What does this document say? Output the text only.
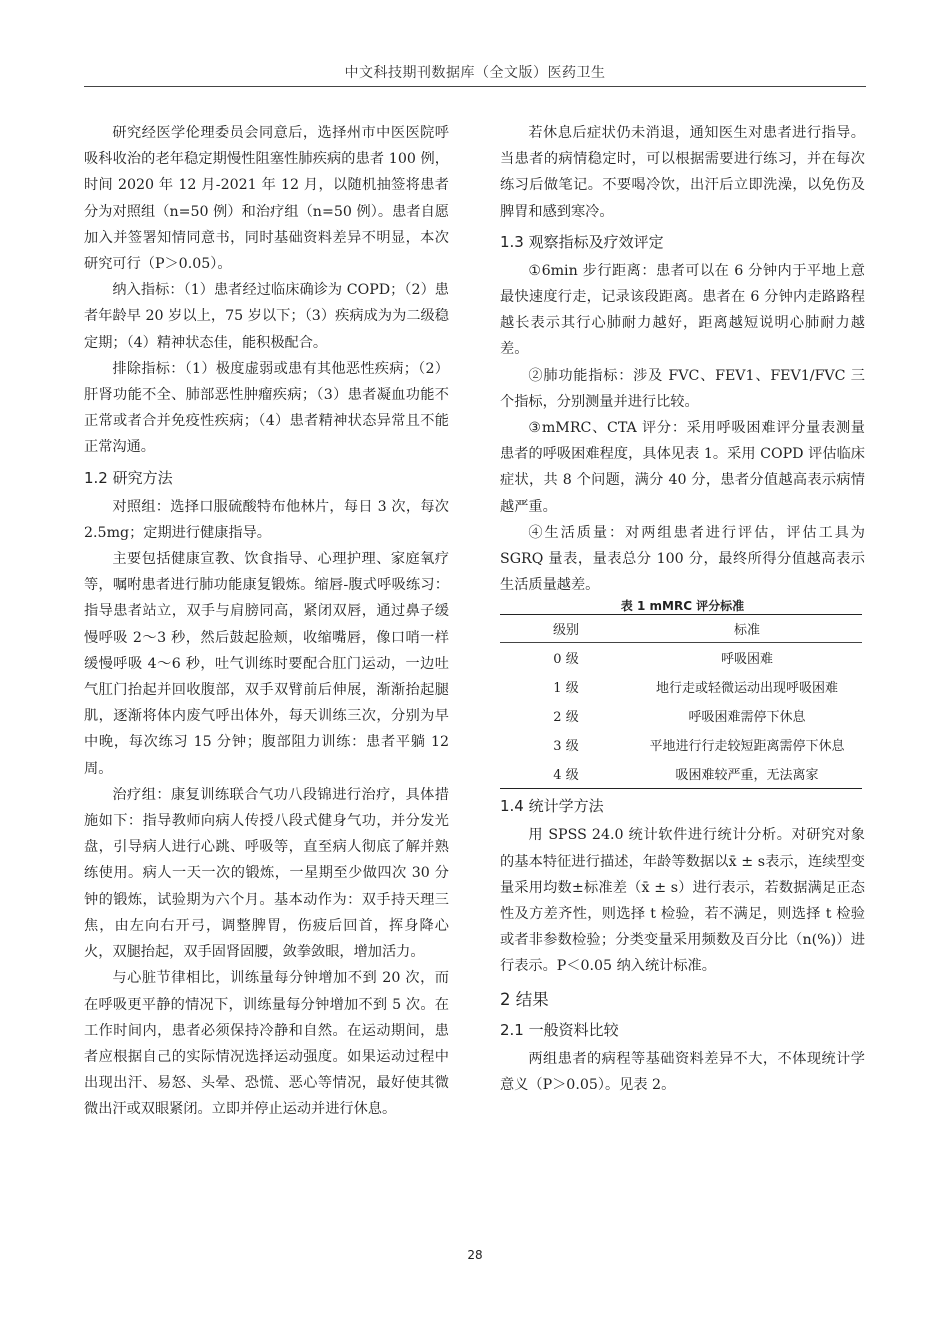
中文科技期刊数据库（全文版）医药卫生

研究经医学伦理委员会同意后，选择州市中医医院呼吸科收治的老年稳定期慢性阻塞性肺疾病的患者 100 例，时间 2020 年 12 月-2021 年 12 月，以随机抽签将患者分为对照组（n=50 例）和治疗组（n=50 例）。患者自愿加入并签署知情同意书，同时基础资料差异不明显，本次研究可行（P＞0.05）。

纳入指标：（1）患者经过临床确诊为 COPD；（2）患者年龄早 20 岁以上，75 岁以下；（3）疾病成为为二级稳定期；（4）精神状态佳，能积极配合。

排除指标：（1）极度虚弱或患有其他恶性疾病；（2）肝肾功能不全、肺部恶性肿瘤疾病；（3）患者凝血功能不正常或者合并免疫性疾病；（4）患者精神状态异常且不能正常沟通。

1.2 研究方法

对照组：选择口服硫酸特布他林片，每日 3 次，每次 2.5mg；定期进行健康指导。

主要包括健康宣教、饮食指导、心理护理、家庭氧疗等，嘱咐患者进行肺功能康复锻炼。缩唇-腹式呼吸练习：指导患者站立，双手与肩膀同高，紧闭双唇，通过鼻子缓慢呼吸 2～3 秒，然后鼓起脸颊，收缩嘴唇，像口哨一样缓慢呼吸 4～6 秒，吐气训练时要配合肛门运动，一边吐气肛门抬起并回收腹部，双手双臂前后伸展，渐渐抬起腿肌，逐渐将体内废气呼出体外，每天训练三次，分别为早中晚，每次练习 15 分钟；腹部阻力训练：患者平躺 12 周。

治疗组：康复训练联合气功八段锦进行治疗，具体措施如下：指导教师向病人传授八段式健身气功，并分发光盘，引导病人进行心跳、呼吸等，直至病人彻底了解并熟练使用。病人一天一次的锻炼，一星期至少做四次 30 分钟的锻炼，试验期为六个月。基本动作为：双手持天理三焦，由左向右开弓，调整脾胃，伤疲后回首，挥身降心火，双腿抬起，双手固肾固腰，敛拳敛眼，增加活力。

与心脏节律相比，训练量每分钟增加不到 20 次，而在呼吸更平静的情况下，训练量每分钟增加不到 5 次。在工作时间内，患者必须保持冷静和自然。在运动期间，患者应根据自己的实际情况选择运动强度。如果运动过程中出现出汗、易怒、头晕、恐慌、恶心等情况，最好使其微微出汗或双眼紧闭。立即并停止运动并进行休息。

若休息后症状仍未消退，通知医生对患者进行指导。当患者的病情稳定时，可以根据需要进行练习，并在每次练习后做笔记。不要喝冷饮，出汗后立即洗澡，以免伤及脾胃和感到寒冷。

1.3 观察指标及疗效评定

①6min 步行距离：患者可以在 6 分钟内于平地上意最快速度行走，记录该段距离。患者在 6 分钟内走路路程越长表示其行心肺耐力越好，距离越短说明心肺耐力越差。

②肺功能指标：涉及 FVC、FEV1、FEV1/FVC 三个指标，分别测量并进行比较。

③mMRC、CTA 评分：采用呼吸困难评分量表测量患者的呼吸困难程度，具体见表 1。采用 COPD 评估临床症状，共 8 个问题，满分 40 分，患者分值越高表示病情越严重。

④生活质量：对两组患者进行评估，评估工具为 SGRQ 量表，量表总分 100 分，最终所得分值越高表示生活质量越差。

表 1 mMRC 评分标准
级别	标准
0 级	呼吸困难
1 级	地行走或轻微运动出现呼吸困难
2 级	呼吸困难需停下休息
3 级	平地进行行走较短距离需停下休息
4 级	吸困难较严重，无法离家
1.4 统计学方法

用 SPSS 24.0 统计软件进行统计分析。对研究对象的基本特征进行描述，年龄等数据以x̄ ± s表示，连续型变量采用均数±标准差（x̄ ± s）进行表示，若数据满足正态性及方差齐性，则选择 t 检验，若不满足，则选择 t 检验或者非参数检验；分类变量采用频数及百分比（n(%)）进行表示。P＜0.05 纳入统计标准。

2 结果
2.1 一般资料比较

两组患者的病程等基础资料差异不大，不体现统计学意义（P＞0.05）。见表 2。

28
